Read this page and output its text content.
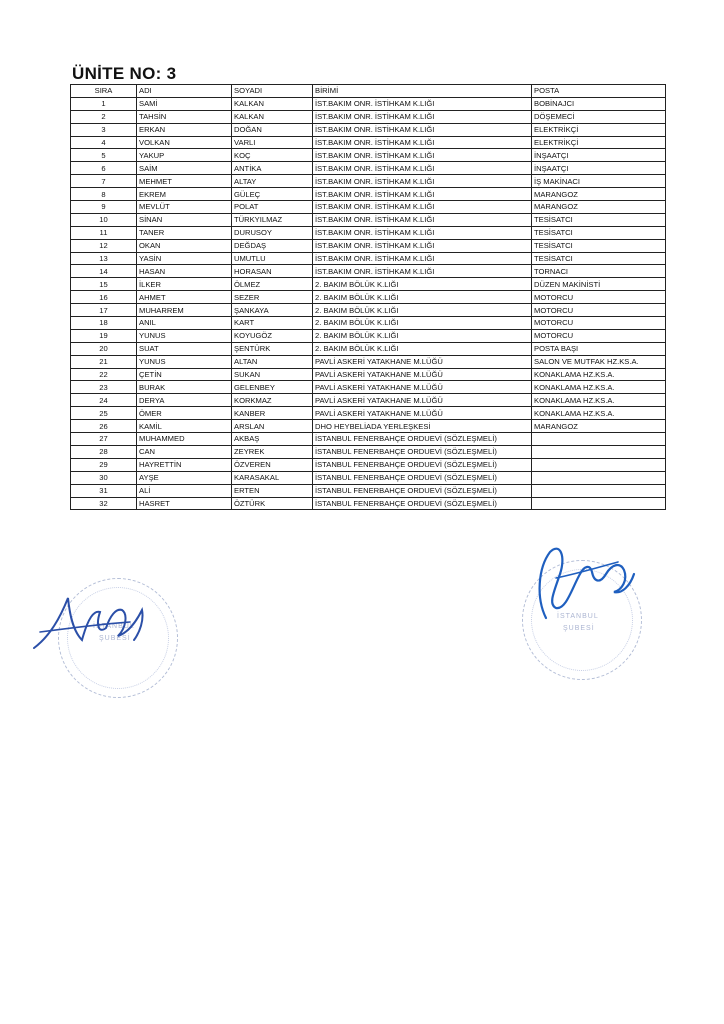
ÜNİTE NO: 3
SIRA	ADI	SOYADI	BİRİMİ	POSTA
1	SAMİ	KALKAN	İST.BAKIM ONR. İSTİHKAM K.LIĞI	BOBİNAJCI
2	TAHSİN	KALKAN	İST.BAKIM ONR. İSTİHKAM K.LIĞI	DÖŞEMECİ
3	ERKAN	DOĞAN	İST.BAKIM ONR. İSTİHKAM K.LIĞI	ELEKTRİKÇİ
4	VOLKAN	VARLI	İST.BAKIM ONR. İSTİHKAM K.LIĞI	ELEKTRİKÇİ
5	YAKUP	KOÇ	İST.BAKIM ONR. İSTİHKAM K.LIĞI	İNŞAATÇI
6	SAİM	ANTİKA	İST.BAKIM ONR. İSTİHKAM K.LIĞI	İNŞAATÇI
7	MEHMET	ALTAY	İST.BAKIM ONR. İSTİHKAM K.LIĞI	İŞ MAKİNACI
8	EKREM	GÜLEÇ	İST.BAKIM ONR. İSTİHKAM K.LIĞI	MARANGOZ
9	MEVLÜT	POLAT	İST.BAKIM ONR. İSTİHKAM K.LIĞI	MARANGOZ
10	SİNAN	TÜRKYILMAZ	İST.BAKIM ONR. İSTİHKAM K.LIĞI	TESİSATCI
11	TANER	DURUSOY	İST.BAKIM ONR. İSTİHKAM K.LIĞI	TESİSATCI
12	OKAN	DEĞDAŞ	İST.BAKIM ONR. İSTİHKAM K.LIĞI	TESİSATCI
13	YASİN	UMUTLU	İST.BAKIM ONR. İSTİHKAM K.LIĞI	TESİSATCI
14	HASAN	HORASAN	İST.BAKIM ONR. İSTİHKAM K.LIĞI	TORNACI
15	İLKER	ÖLMEZ	2. BAKIM BÖLÜK K.LIĞI	DÜZEN MAKİNİSTİ
16	AHMET	SEZER	2. BAKIM BÖLÜK K.LIĞI	MOTORCU
17	MUHARREM	ŞANKAYA	2. BAKIM BÖLÜK K.LIĞI	MOTORCU
18	ANIL	KART	2. BAKIM BÖLÜK K.LIĞI	MOTORCU
19	YUNUS	KOYUGÖZ	2. BAKIM BÖLÜK K.LIĞI	MOTORCU
20	SUAT	ŞENTÜRK	2. BAKIM BÖLÜK K.LIĞI	POSTA BAŞI
21	YUNUS	ALTAN	PAVLİ ASKERİ YATAKHANE M.LÜĞÜ	SALON VE MUTFAK HZ.KS.A.
22	ÇETİN	SUKAN	PAVLİ ASKERİ YATAKHANE M.LÜĞÜ	KONAKLAMA HZ.KS.A.
23	BURAK	GELENBEY	PAVLİ ASKERİ YATAKHANE M.LÜĞÜ	KONAKLAMA HZ.KS.A.
24	DERYA	KORKMAZ	PAVLİ ASKERİ YATAKHANE M.LÜĞÜ	KONAKLAMA HZ.KS.A.
25	ÖMER	KANBER	PAVLİ ASKERİ YATAKHANE M.LÜĞÜ	KONAKLAMA HZ.KS.A.
26	KAMİL	ARSLAN	DHO HEYBELİADA YERLEŞKESİ	MARANGOZ
27	MUHAMMED	AKBAŞ	İSTANBUL FENERBAHÇE ORDUEVİ (SÖZLEŞMELİ)	
28	CAN	ZEYREK	İSTANBUL FENERBAHÇE ORDUEVİ (SÖZLEŞMELİ)	
29	HAYRETTİN	ÖZVEREN	İSTANBUL FENERBAHÇE ORDUEVİ (SÖZLEŞMELİ)	
30	AYŞE	KARASAKAL	İSTANBUL FENERBAHÇE ORDUEVİ (SÖZLEŞMELİ)	
31	ALİ	ERTEN	İSTANBUL FENERBAHÇE ORDUEVİ (SÖZLEŞMELİ)	
32	HASRET	ÖZTÜRK	İSTANBUL FENERBAHÇE ORDUEVİ (SÖZLEŞMELİ)	
İSTANBUL
ŞUBESİ
İSTANBUL
ŞUBESİ
